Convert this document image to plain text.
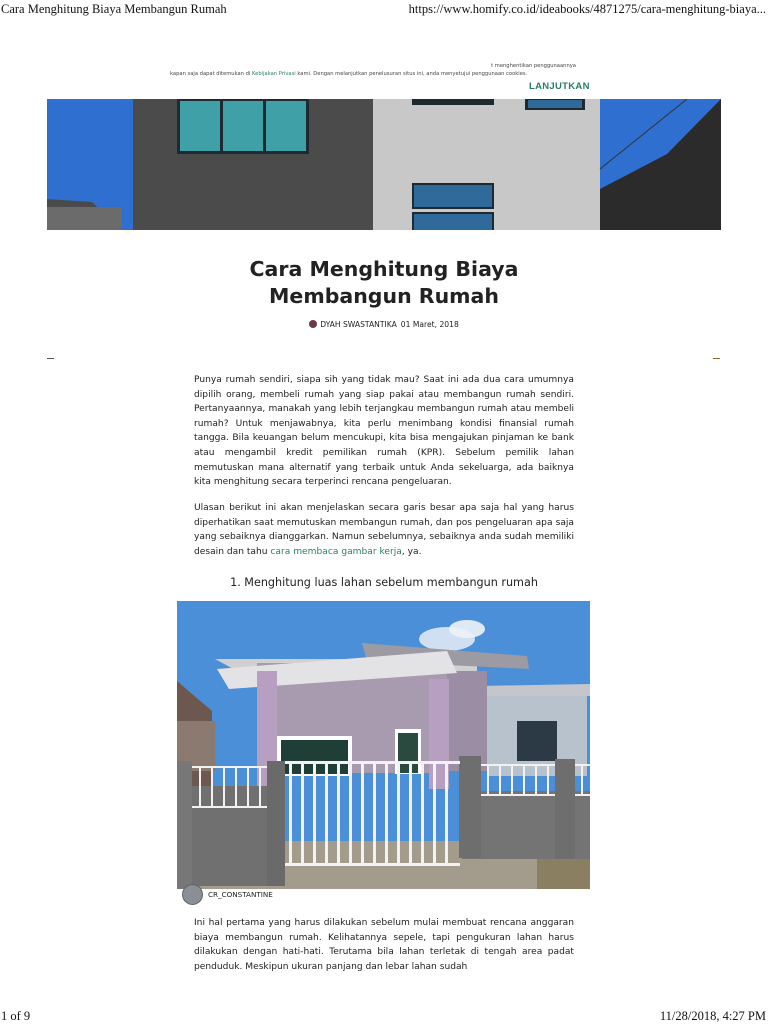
Cara Menghitung Biaya Membangun Rumah	https://www.homify.co.id/ideabooks/4871275/cara-menghitung-biaya...
t menghentikan penggunaannya
kapan saja dapat ditemukan di Kebijakan Privasi kami. Dengan melanjutkan penelusuran situs ini, anda menyetujui penggunaan cookies.
LANJUTKAN
Cara Menghitung Biaya
Membangun Rumah
DYAH SWASTANTIKA 01 Maret, 2018
Punya rumah sendiri, siapa sih yang tidak mau? Saat ini ada dua cara umumnya dipilih orang, membeli rumah yang siap pakai atau membangun rumah sendiri. Pertanyaannya, manakah yang lebih terjangkau membangun rumah atau membeli rumah? Untuk menjawabnya, kita perlu menimbang kondisi finansial rumah tangga. Bila keuangan belum mencukupi, kita bisa mengajukan pinjaman ke bank atau mengambil kredit pemilikan rumah (KPR). Sebelum pemilik lahan memutuskan mana alternatif yang terbaik untuk Anda sekeluarga, ada baiknya kita menghitung secara terperinci rencana pengeluaran.
Ulasan berikut ini akan menjelaskan secara garis besar apa saja hal yang harus diperhatikan saat memutuskan membangun rumah, dan pos pengeluaran apa saja yang sebaiknya dianggarkan. Namun sebelumnya, sebaiknya anda sudah memiliki desain dan tahu cara membaca gambar kerja, ya.
1. Menghitung luas lahan sebelum membangun rumah
CR_CONSTANTINE
Ini hal pertama yang harus dilakukan sebelum mulai membuat rencana anggaran biaya membangun rumah. Kelihatannya sepele, tapi pengukuran lahan harus dilakukan dengan hati-hati. Terutama bila lahan terletak di tengah area padat penduduk. Meskipun ukuran panjang dan lebar lahan sudah
1 of 9	11/28/2018, 4:27 PM
